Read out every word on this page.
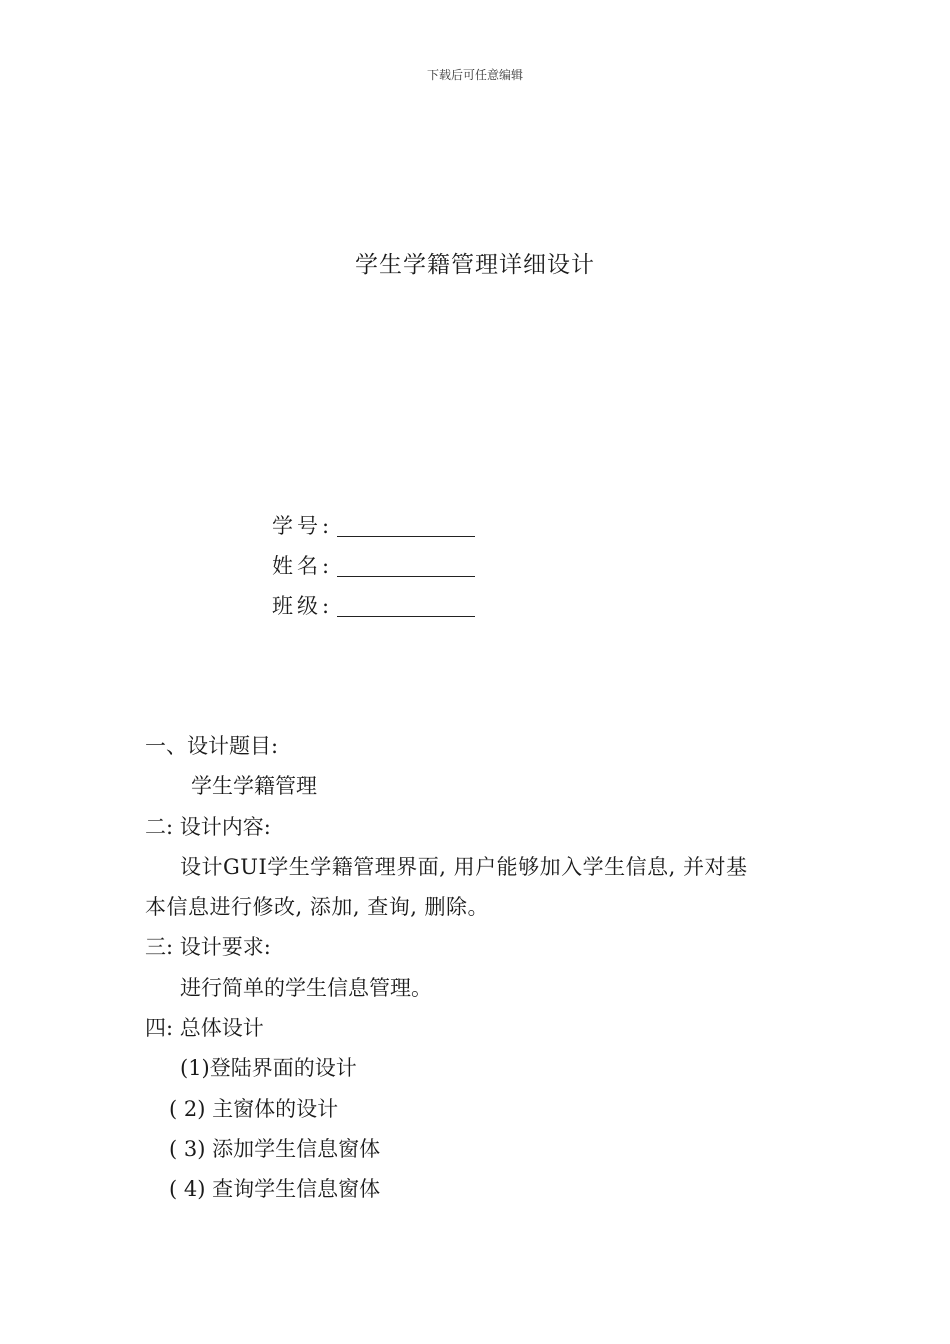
下载后可任意编辑
学生学籍管理详细设计
学号:
姓名:
班级:
一、设计题目:
学生学籍管理
二: 设计内容:
设计GUI学生学籍管理界面, 用户能够加入学生信息, 并对基
本信息进行修改, 添加, 查询, 删除。
三: 设计要求:
进行简单的学生信息管理。
四: 总体设计
(1)登陆界面的设计
( 2) 主窗体的设计
( 3) 添加学生信息窗体
( 4) 查询学生信息窗体
